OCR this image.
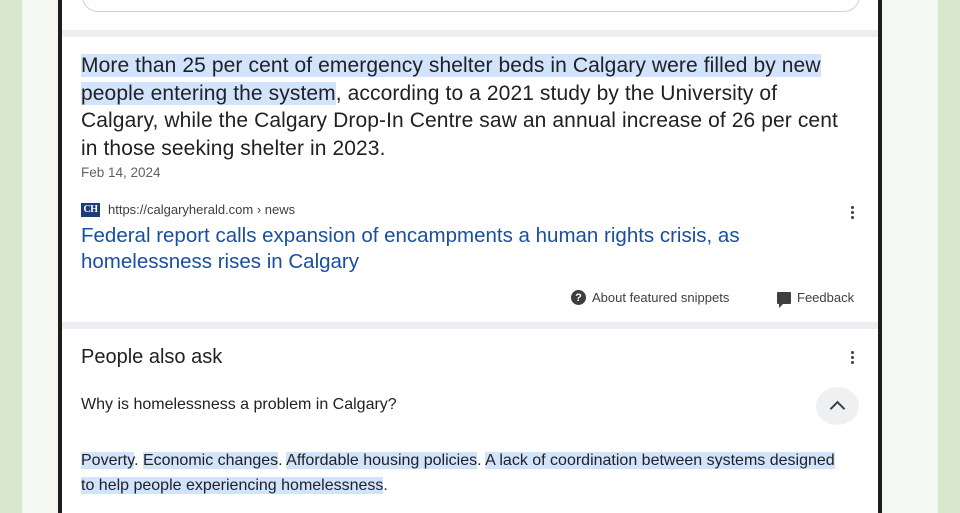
More than 25 per cent of emergency shelter beds in Calgary were filled by new people entering the system, according to a 2021 study by the University of Calgary, while the Calgary Drop-In Centre saw an annual increase of 26 per cent in those seeking shelter in 2023.
Feb 14, 2024
CH https://calgaryherald.com › news
Federal report calls expansion of encampments a human rights crisis, as homelessness rises in Calgary
? About featured snippets	Feedback
People also ask
Why is homelessness a problem in Calgary?
Poverty. Economic changes. Affordable housing policies. A lack of coordination between systems designed to help people experiencing homelessness.
